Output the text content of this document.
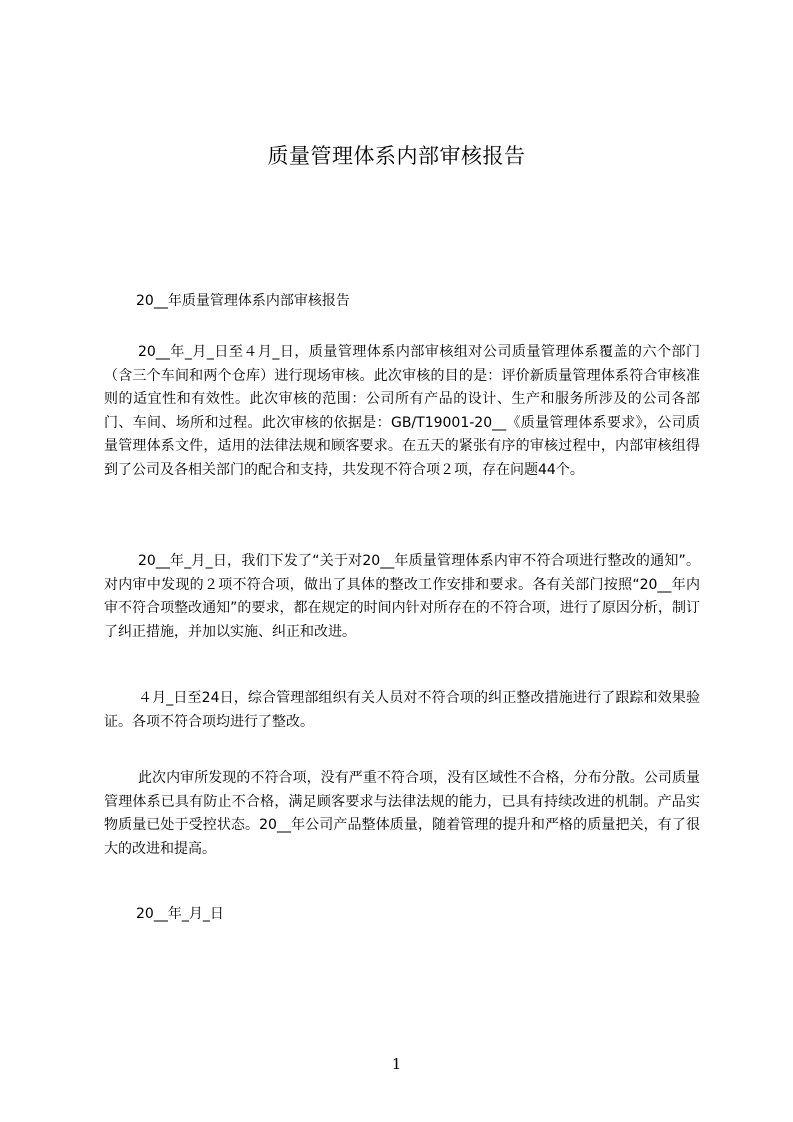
质量管理体系内部审核报告
20__年质量管理体系内部审核报告

20__年_月_日至４月_日，质量管理体系内部审核组对公司质量管理体系覆盖的六个部门（含三个车间和两个仓库）进行现场审核。此次审核的目的是：评价新质量管理体系符合审核准则的适宜性和有效性。此次审核的范围：公司所有产品的设计、生产和服务所涉及的公司各部门、车间、场所和过程。此次审核的依据是：GB/T19001-20__《质量管理体系要求》，公司质量管理体系文件，适用的法律法规和顾客要求。在五天的紧张有序的审核过程中，内部审核组得到了公司及各相关部门的配合和支持，共发现不符合项２项，存在问题44个。

20__年_月_日，我们下发了“关于对20__年质量管理体系内审不符合项进行整改的通知”。对内审中发现的２项不符合项，做出了具体的整改工作安排和要求。各有关部门按照“20__年内审不符合项整改通知”的要求，都在规定的时间内针对所存在的不符合项，进行了原因分析，制订了纠正措施，并加以实施、纠正和改进。

４月_日至24日，综合管理部组织有关人员对不符合项的纠正整改措施进行了跟踪和效果验证。各项不符合项均进行了整改。

此次内审所发现的不符合项，没有严重不符合项，没有区域性不合格，分布分散。公司质量管理体系已具有防止不合格，满足顾客要求与法律法规的能力，已具有持续改进的机制。产品实物质量已处于受控状态。20__年公司产品整体质量，随着管理的提升和严格的质量把关，有了很大的改进和提高。

20__年_月_日
1
